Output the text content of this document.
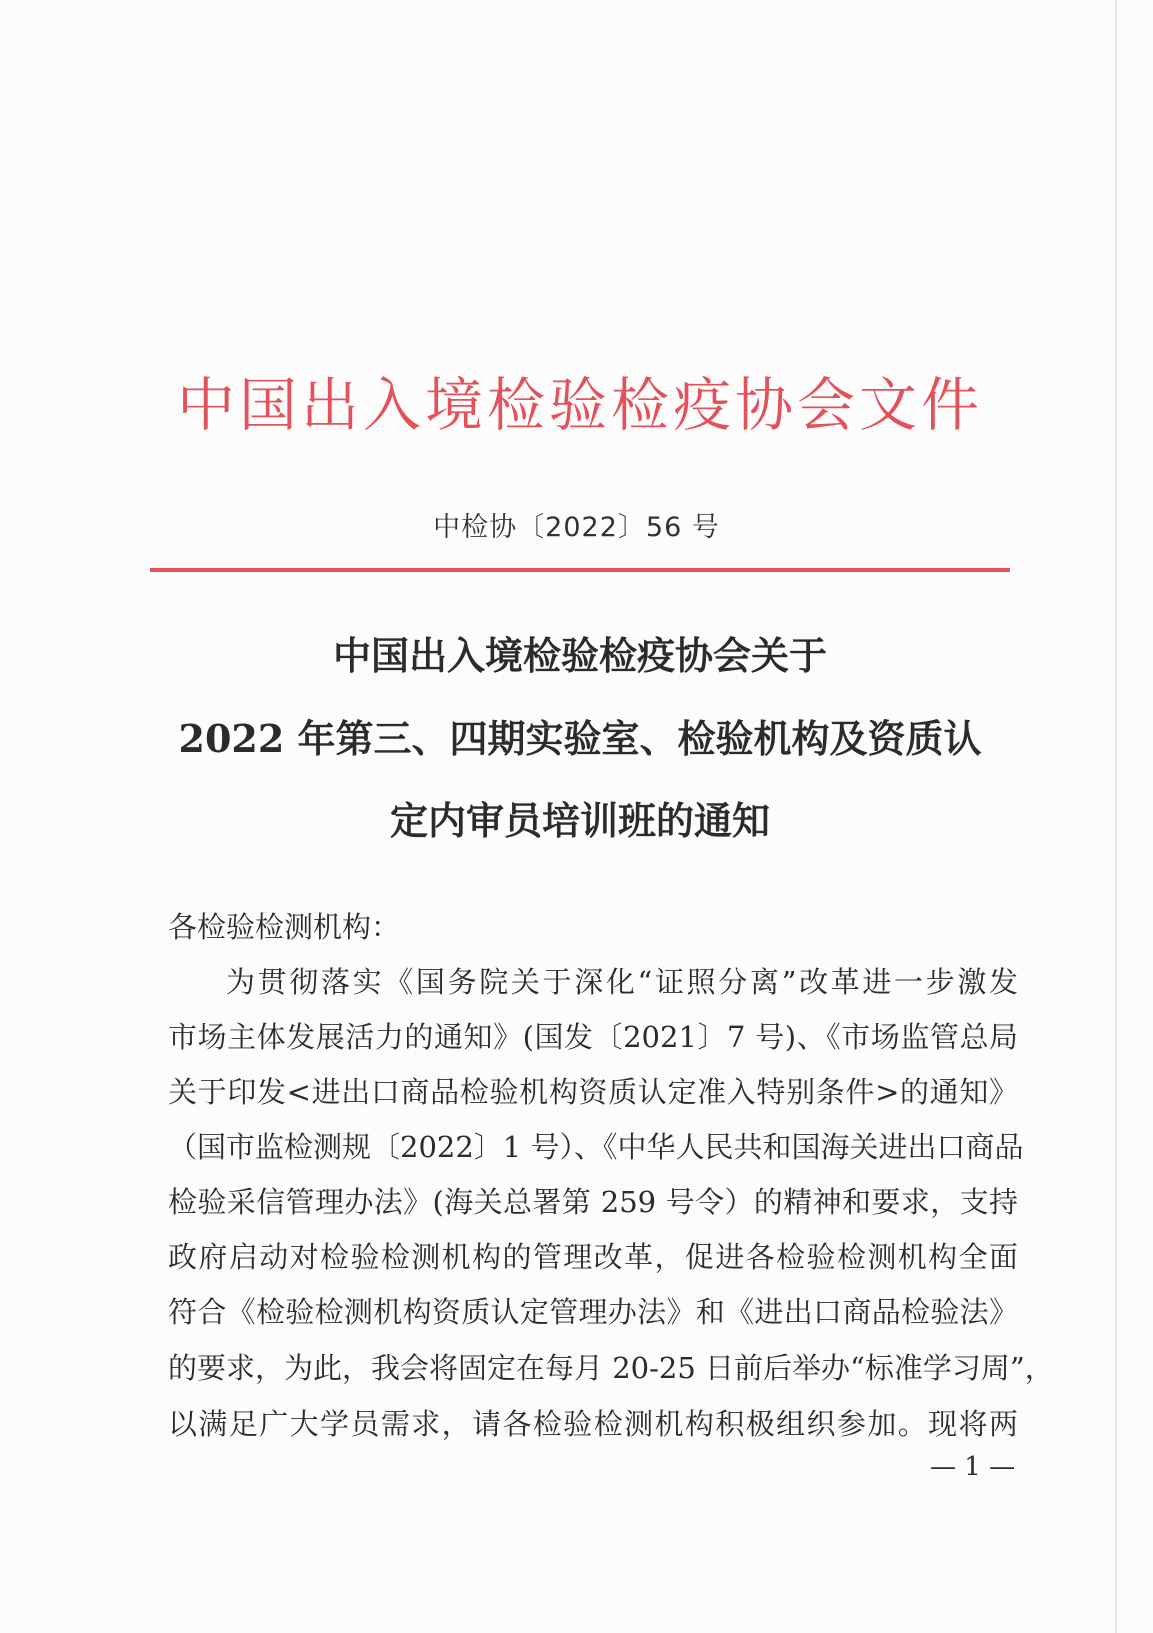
中国出入境检验检疫协会文件
中检协〔2022〕56 号
中国出入境检验检疫协会关于
2022 年第三、四期实验室、检验机构及资质认
定内审员培训班的通知
各检验检测机构：
为贯彻落实《国务院关于深化“证照分离”改革进一步激发
市场主体发展活力的通知》(国发〔2021〕7 号)、《市场监管总局
关于印发<进出口商品检验机构资质认定准入特别条件>的通知》
（国市监检测规〔2022〕1 号）、《中华人民共和国海关进出口商品
检验采信管理办法》(海关总署第 259 号令）的精神和要求，支持
政府启动对检验检测机构的管理改革，促进各检验检测机构全面
符合《检验检测机构资质认定管理办法》和《进出口商品检验法》
的要求，为此，我会将固定在每月 20-25 日前后举办“标准学习周”，
以满足广大学员需求，请各检验检测机构积极组织参加。现将两
— 1 —
